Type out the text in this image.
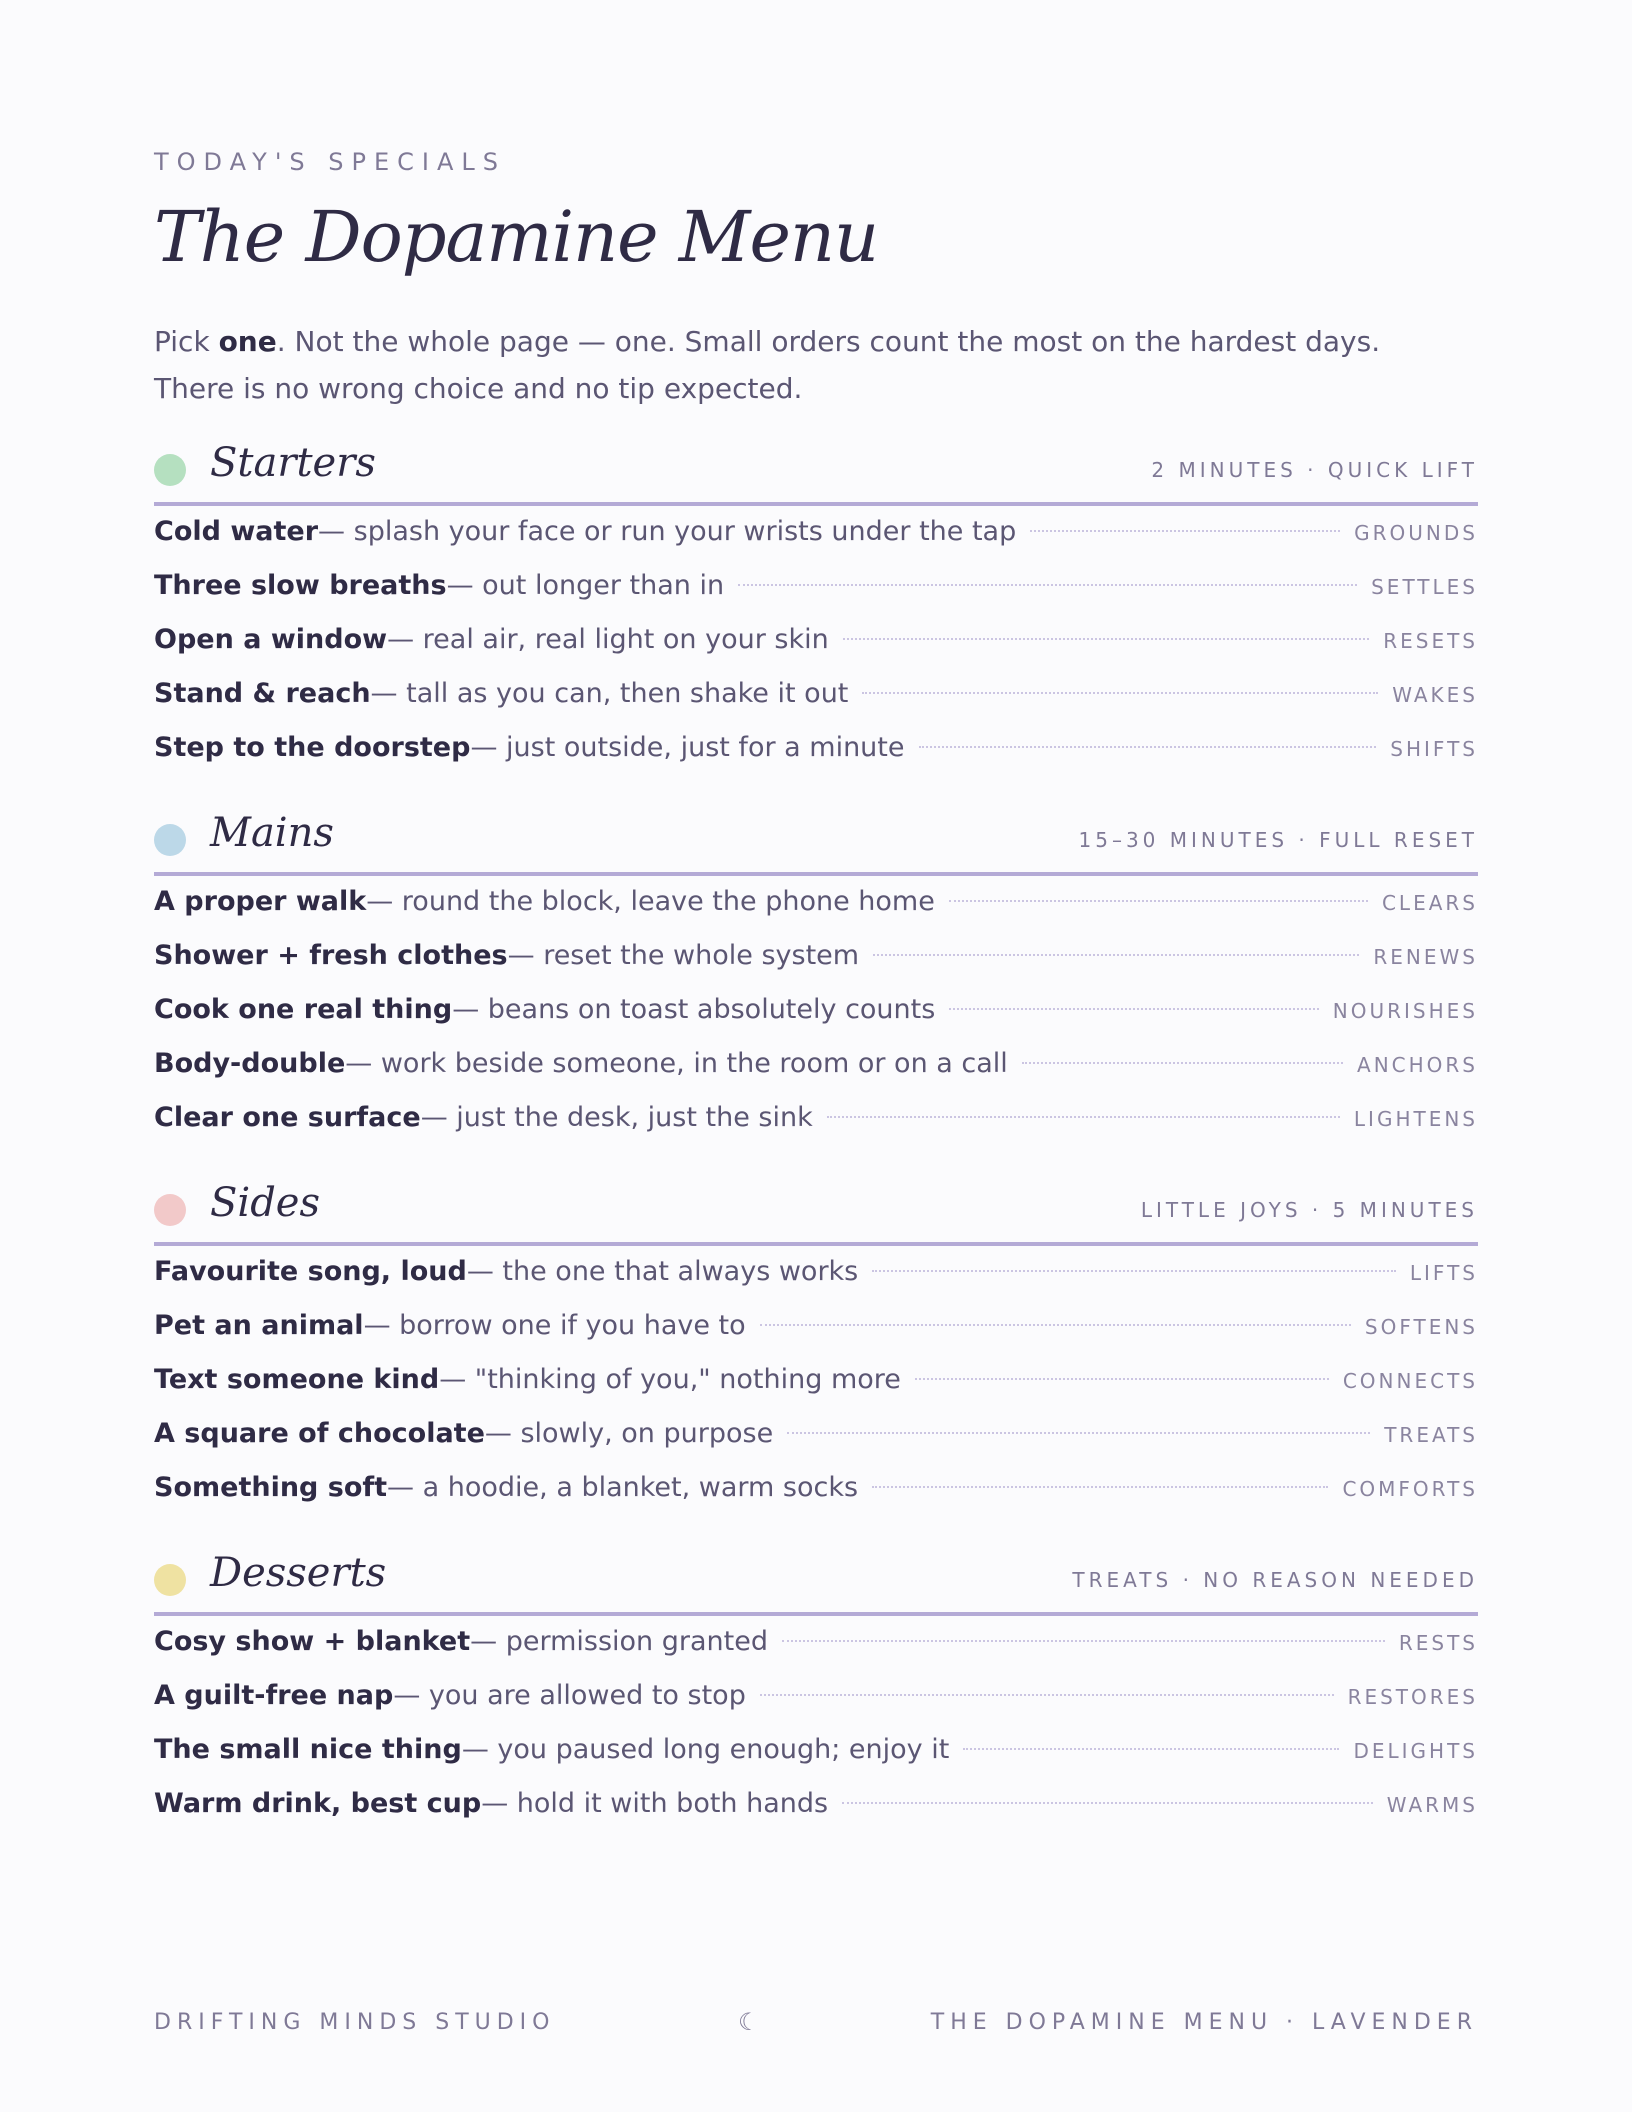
TODAY'S SPECIALS
The Dopamine Menu

Pick one. Not the whole page — one. Small orders count the most on the hardest days. There is no wrong choice and no tip expected.

Starters	2 MINUTES · QUICK LIFT
Cold water — splash your face or run your wrists under the tap	GROUNDS
Three slow breaths — out longer than in	SETTLES
Open a window — real air, real light on your skin	RESETS
Stand & reach — tall as you can, then shake it out	WAKES
Step to the doorstep — just outside, just for a minute	SHIFTS
Mains	15–30 MINUTES · FULL RESET
A proper walk — round the block, leave the phone home	CLEARS
Shower + fresh clothes — reset the whole system	RENEWS
Cook one real thing — beans on toast absolutely counts	NOURISHES
Body-double — work beside someone, in the room or on a call	ANCHORS
Clear one surface — just the desk, just the sink	LIGHTENS
Sides	LITTLE JOYS · 5 MINUTES
Favourite song, loud — the one that always works	LIFTS
Pet an animal — borrow one if you have to	SOFTENS
Text someone kind — "thinking of you," nothing more	CONNECTS
A square of chocolate — slowly, on purpose	TREATS
Something soft — a hoodie, a blanket, warm socks	COMFORTS
Desserts	TREATS · NO REASON NEEDED
Cosy show + blanket — permission granted	RESTS
A guilt-free nap — you are allowed to stop	RESTORES
The small nice thing — you paused long enough; enjoy it	DELIGHTS
Warm drink, best cup — hold it with both hands	WARMS
DRIFTING MINDS STUDIO	☾	THE DOPAMINE MENU · LAVENDER
